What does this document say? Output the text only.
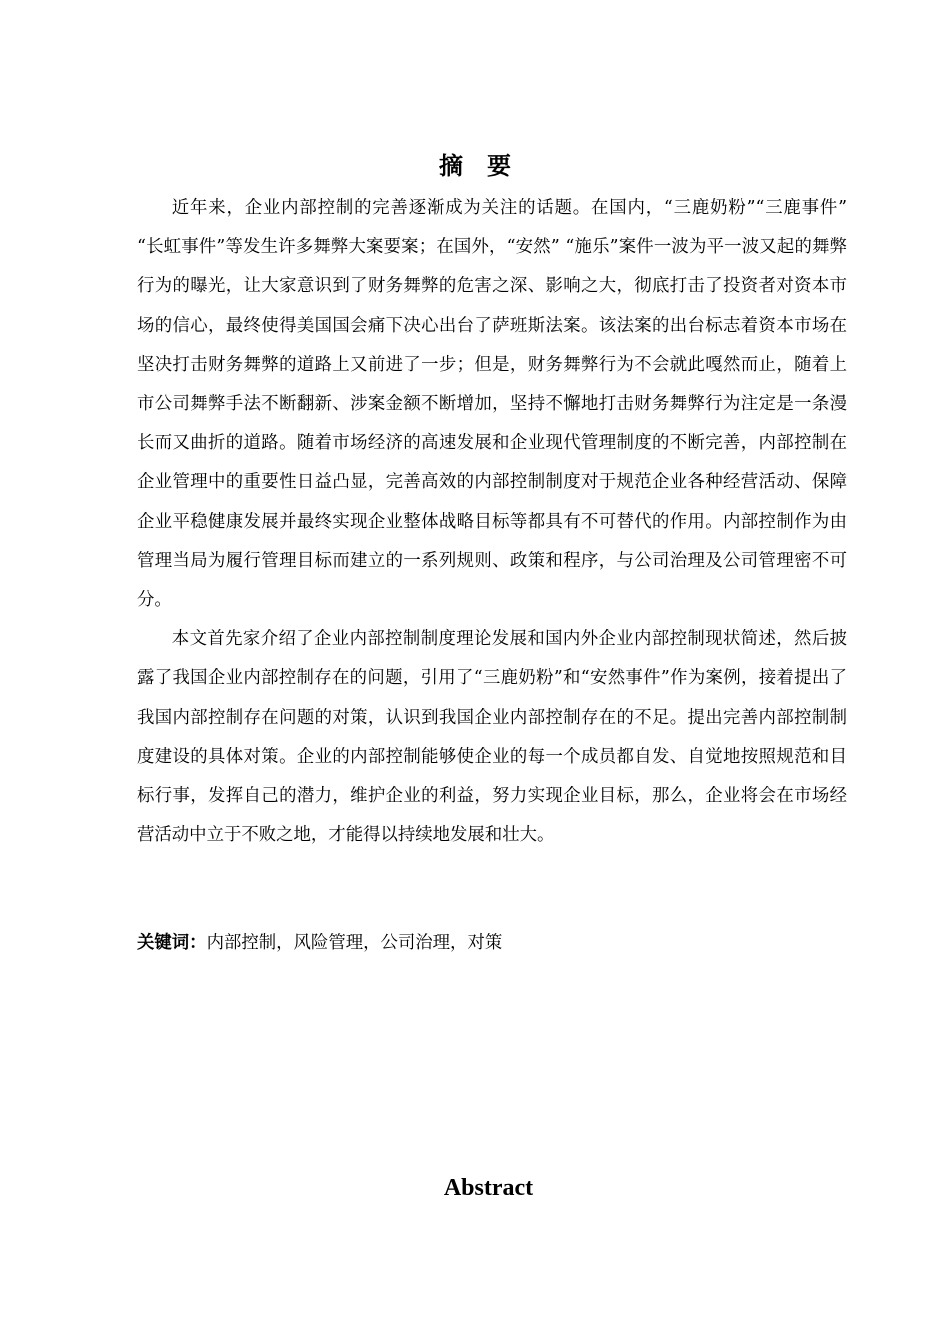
摘要

近年来，企业内部控制的完善逐渐成为关注的话题。在国内，“三鹿奶粉”“三鹿事件” “长虹事件”等发生许多舞弊大案要案；在国外，“安然” “施乐”案件一波为平一波又起的舞弊行为的曝光，让大家意识到了财务舞弊的危害之深、影响之大，彻底打击了投资者对资本市场的信心，最终使得美国国会痛下决心出台了萨班斯法案。该法案的出台标志着资本市场在坚决打击财务舞弊的道路上又前进了一步；但是，财务舞弊行为不会就此嘎然而止，随着上市公司舞弊手法不断翻新、涉案金额不断增加，坚持不懈地打击财务舞弊行为注定是一条漫长而又曲折的道路。随着市场经济的高速发展和企业现代管理制度的不断完善，内部控制在企业管理中的重要性日益凸显，完善高效的内部控制制度对于规范企业各种经营活动、保障企业平稳健康发展并最终实现企业整体战略目标等都具有不可替代的作用。内部控制作为由管理当局为履行管理目标而建立的一系列规则、政策和程序，与公司治理及公司管理密不可分。

本文首先家介绍了企业内部控制制度理论发展和国内外企业内部控制现状简述，然后披露了我国企业内部控制存在的问题，引用了“三鹿奶粉”和“安然事件”作为案例，接着提出了我国内部控制存在问题的对策，认识到我国企业内部控制存在的不足。提出完善内部控制制度建设的具体对策。企业的内部控制能够使企业的每一个成员都自发、自觉地按照规范和目标行事，发挥自己的潜力，维护企业的利益，努力实现企业目标，那么，企业将会在市场经营活动中立于不败之地，才能得以持续地发展和壮大。

关键词：内部控制，风险管理，公司治理，对策
Abstract
